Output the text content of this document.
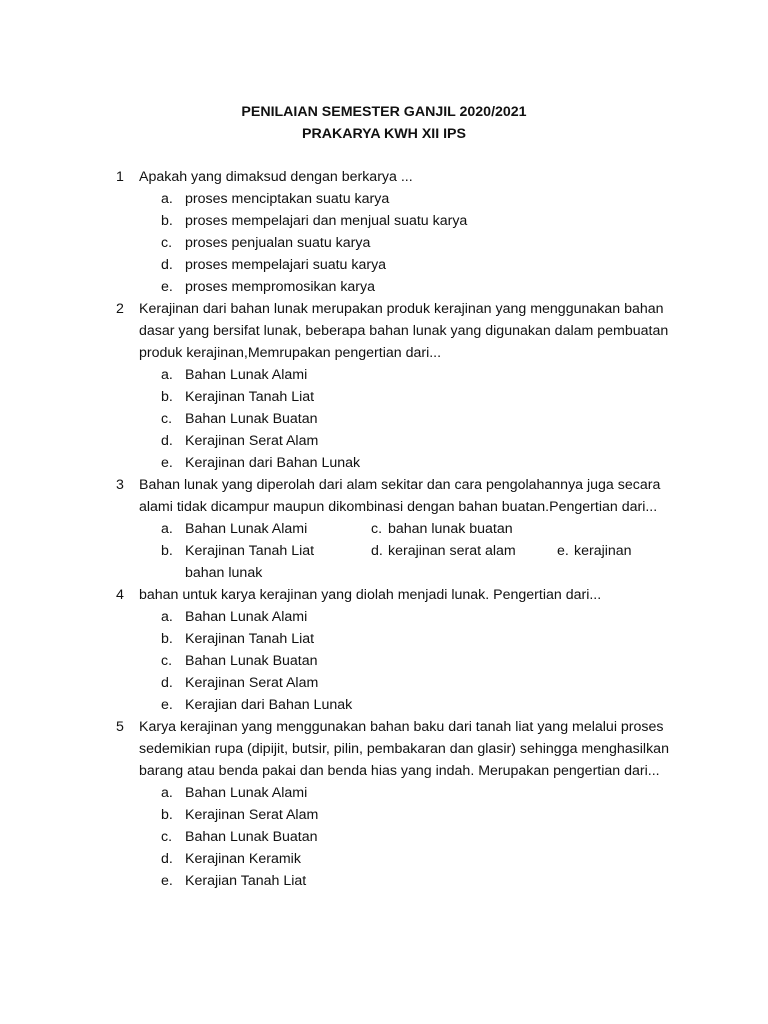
PENILAIAN SEMESTER GANJIL 2020/2021
PRAKARYA KWH XII IPS
1 Apakah yang dimaksud dengan berkarya ...
a. proses menciptakan suatu karya
b. proses mempelajari dan menjual suatu karya
c. proses penjualan suatu karya
d. proses mempelajari suatu karya
e. proses mempromosikan karya
2 Kerajinan dari bahan lunak merupakan produk kerajinan yang menggunakan bahan dasar yang bersifat lunak, beberapa bahan lunak yang digunakan dalam pembuatan produk kerajinan,Memrupakan pengertian dari...
a. Bahan Lunak Alami
b. Kerajinan Tanah Liat
c. Bahan Lunak Buatan
d. Kerajinan Serat Alam
e. Kerajinan dari Bahan Lunak
3 Bahan lunak yang diperolah dari alam sekitar dan cara pengolahannya juga secara alami tidak dicampur maupun dikombinasi dengan bahan buatan.Pengertian dari...
a. Bahan Lunak Alami	c. bahan lunak buatan
b. Kerajinan Tanah Liat	d. kerajinan serat alam	e. kerajinan
bahan lunak
4 bahan untuk karya kerajinan yang diolah menjadi lunak. Pengertian dari...
a. Bahan Lunak Alami
b. Kerajinan Tanah Liat
c. Bahan Lunak Buatan
d. Kerajinan Serat Alam
e. Kerajian dari Bahan Lunak
5 Karya kerajinan yang menggunakan bahan baku dari tanah liat yang melalui proses sedemikian rupa (dipijit, butsir, pilin, pembakaran dan glasir) sehingga menghasilkan barang atau benda pakai dan benda hias yang indah. Merupakan pengertian dari...
a. Bahan Lunak Alami
b. Kerajinan Serat Alam
c. Bahan Lunak Buatan
d. Kerajinan Keramik
e. Kerajian Tanah Liat
